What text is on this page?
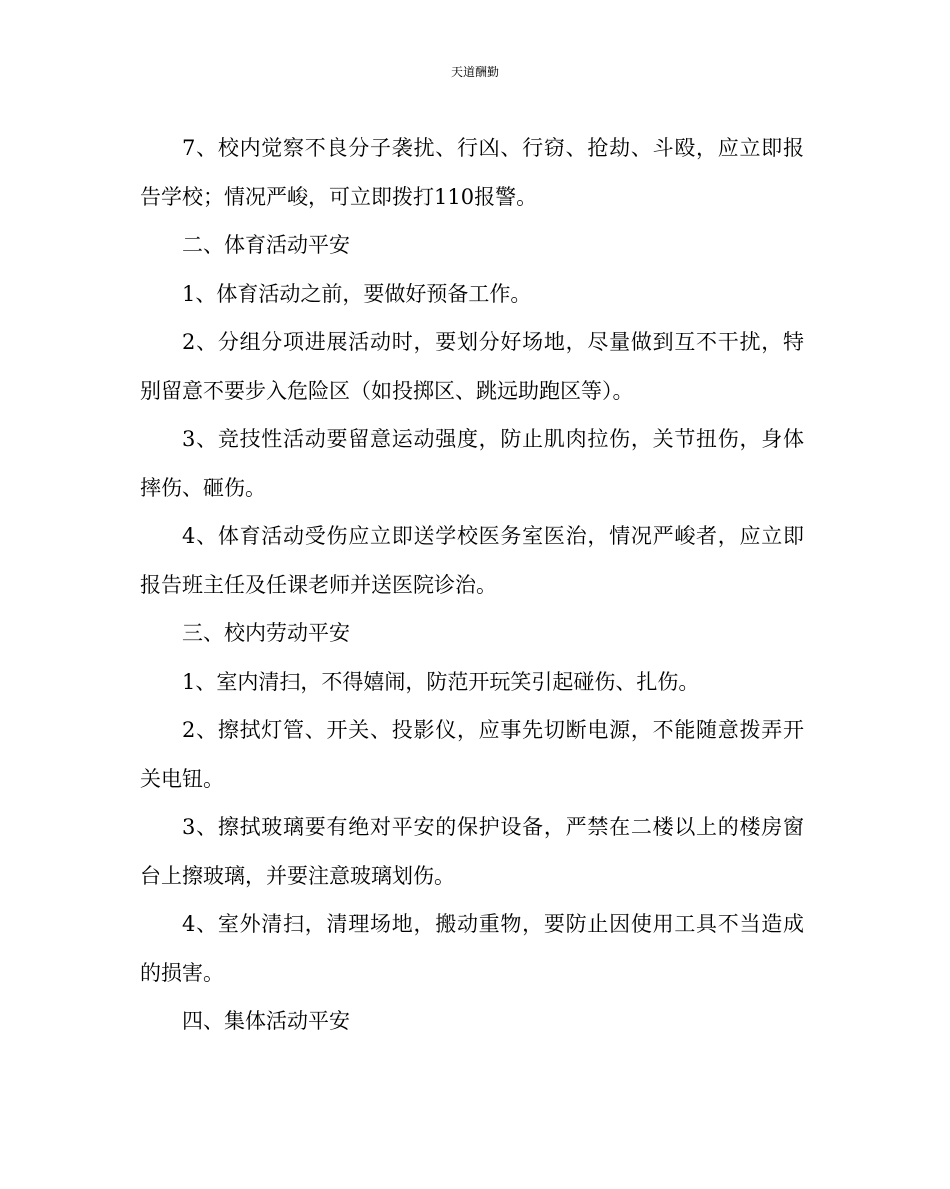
天道酬勤

7、校内觉察不良分子袭扰、行凶、行窃、抢劫、斗殴，应立即报告学校；情况严峻，可立即拨打110报警。

二、体育活动平安

1、体育活动之前，要做好预备工作。

2、分组分项进展活动时，要划分好场地，尽量做到互不干扰，特别留意不要步入危险区（如投掷区、跳远助跑区等）。

3、竞技性活动要留意运动强度，防止肌肉拉伤，关节扭伤，身体摔伤、砸伤。

4、体育活动受伤应立即送学校医务室医治，情况严峻者，应立即报告班主任及任课老师并送医院诊治。

三、校内劳动平安

1、室内清扫，不得嬉闹，防范开玩笑引起碰伤、扎伤。

2、擦拭灯管、开关、投影仪，应事先切断电源，不能随意拨弄开关电钮。

3、擦拭玻璃要有绝对平安的保护设备，严禁在二楼以上的楼房窗台上擦玻璃，并要注意玻璃划伤。

4、室外清扫，清理场地，搬动重物，要防止因使用工具不当造成的损害。

四、集体活动平安
